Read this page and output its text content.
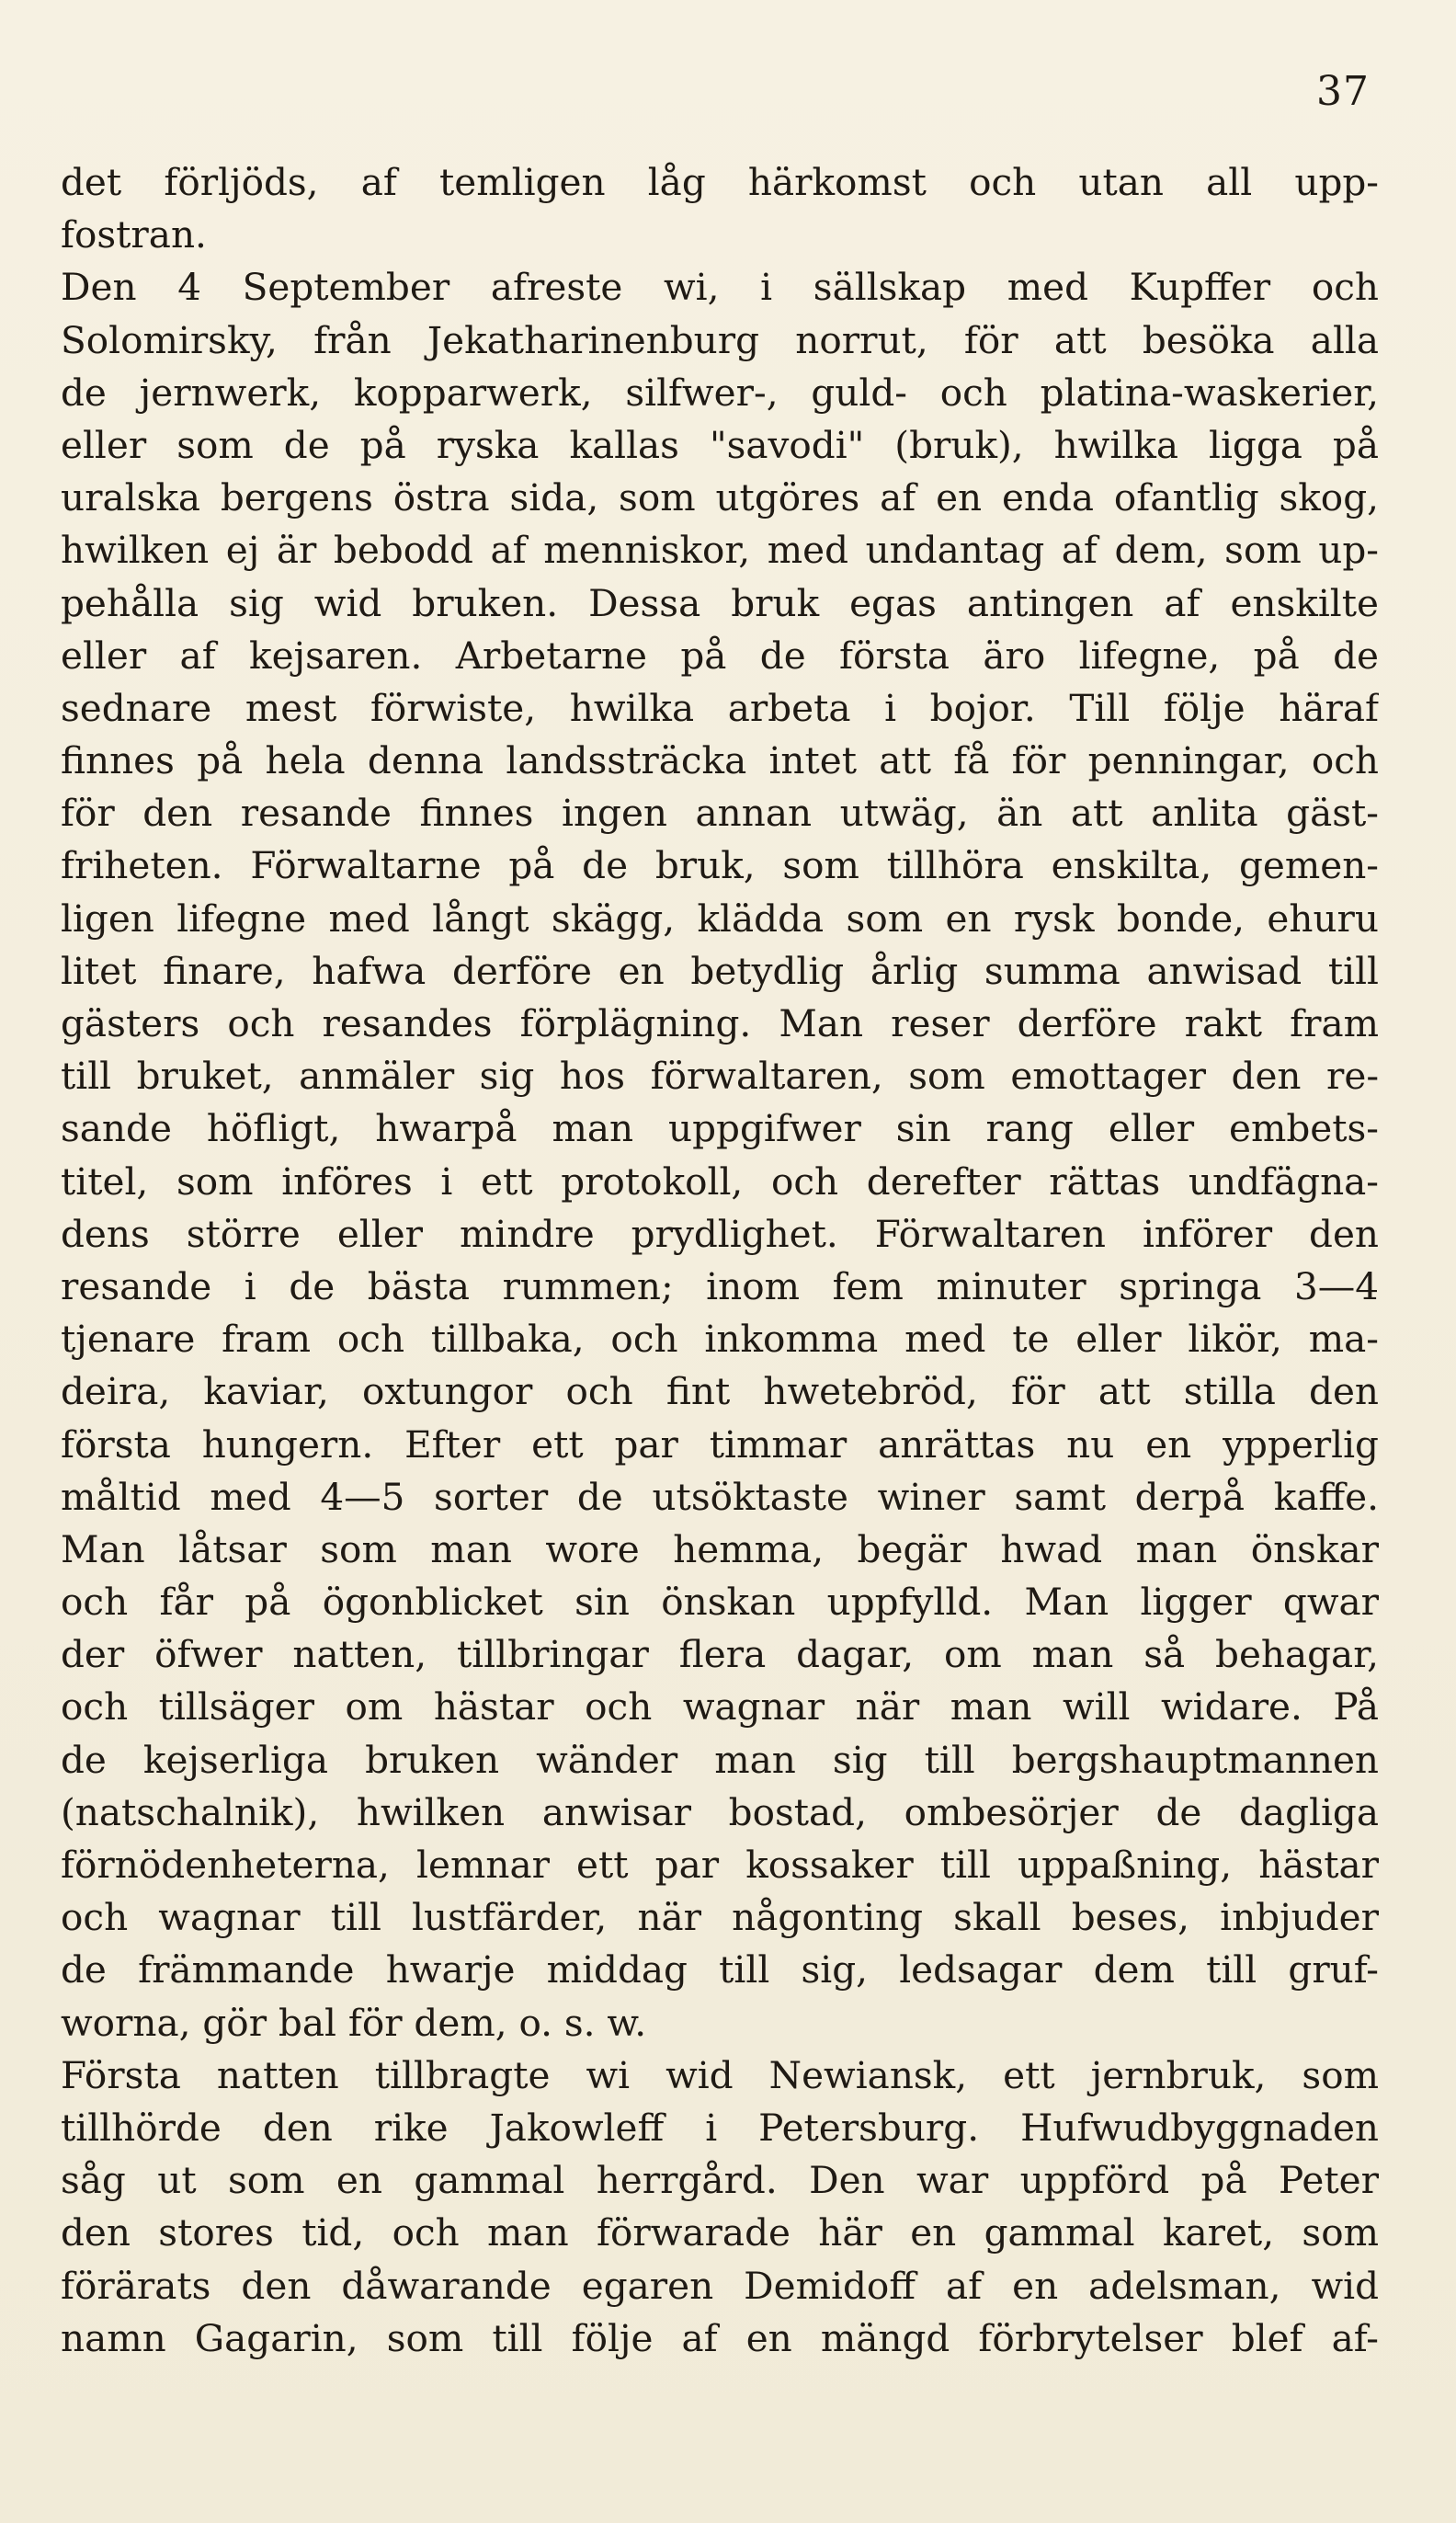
37
det förljöds, af temligen låg härkomst och utan all upp-
fostran.
Den 4 September afreste wi, i sällskap med Kupffer och
Solomirsky, från Jekatharinenburg norrut, för att besöka alla
de jernwerk, kopparwerk, silfwer-, guld- och platina-waskerier,
eller som de på ryska kallas "savodi" (bruk), hwilka ligga på
uralska bergens östra sida, som utgöres af en enda ofantlig skog,
hwilken ej är bebodd af menniskor, med undantag af dem, som up-
pehålla sig wid bruken. Dessa bruk egas antingen af enskilte
eller af kejsaren. Arbetarne på de första äro lifegne, på de
sednare mest förwiste, hwilka arbeta i bojor. Till följe häraf
finnes på hela denna landssträcka intet att få för penningar, och
för den resande finnes ingen annan utwäg, än att anlita gäst-
friheten. Förwaltarne på de bruk, som tillhöra enskilta, gemen-
ligen lifegne med långt skägg, klädda som en rysk bonde, ehuru
litet finare, hafwa derföre en betydlig årlig summa anwisad till
gästers och resandes förplägning. Man reser derföre rakt fram
till bruket, anmäler sig hos förwaltaren, som emottager den re-
sande höfligt, hwarpå man uppgifwer sin rang eller embets-
titel, som införes i ett protokoll, och derefter rättas undfägna-
dens större eller mindre prydlighet. Förwaltaren införer den
resande i de bästa rummen; inom fem minuter springa 3—4
tjenare fram och tillbaka, och inkomma med te eller likör, ma-
deira, kaviar, oxtungor och fint hwetebröd, för att stilla den
första hungern. Efter ett par timmar anrättas nu en ypperlig
måltid med 4—5 sorter de utsöktaste winer samt derpå kaffe.
Man låtsar som man wore hemma, begär hwad man önskar
och får på ögonblicket sin önskan uppfylld. Man ligger qwar
der öfwer natten, tillbringar flera dagar, om man så behagar,
och tillsäger om hästar och wagnar när man will widare. På
de kejserliga bruken wänder man sig till bergshauptmannen
(natschalnik), hwilken anwisar bostad, ombesörjer de dagliga
förnödenheterna, lemnar ett par kossaker till uppaßning, hästar
och wagnar till lustfärder, när någonting skall beses, inbjuder
de främmande hwarje middag till sig, ledsagar dem till gruf-
worna, gör bal för dem, o. s. w.
Första natten tillbragte wi wid Newiansk, ett jernbruk, som
tillhörde den rike Jakowleff i Petersburg. Hufwudbyggnaden
såg ut som en gammal herrgård. Den war uppförd på Peter
den stores tid, och man förwarade här en gammal karet, som
förärats den dåwarande egaren Demidoff af en adelsman, wid
namn Gagarin, som till följe af en mängd förbrytelser blef af-
